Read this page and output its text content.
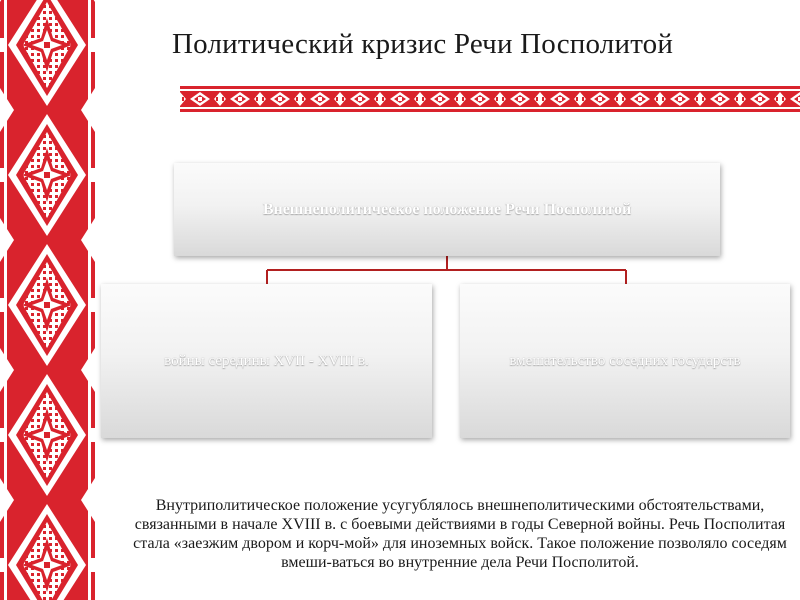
Политический кризис Речи Посполитой
Внешнеполитическое положение Речи Посполитой
войны середины XVII - XVIII в.	вмешательство соседних государств
Внутриполитическое положение усугублялось внешнеполитическими обстоятельствами, связанными в начале XVIII в. с боевыми действиями в годы Северной войны. Речь Посполитая стала «заезжим двором и корч-мой» для иноземных войск. Такое положение позволяло соседям вмеши-ваться во внутренние дела Речи Посполитой.
